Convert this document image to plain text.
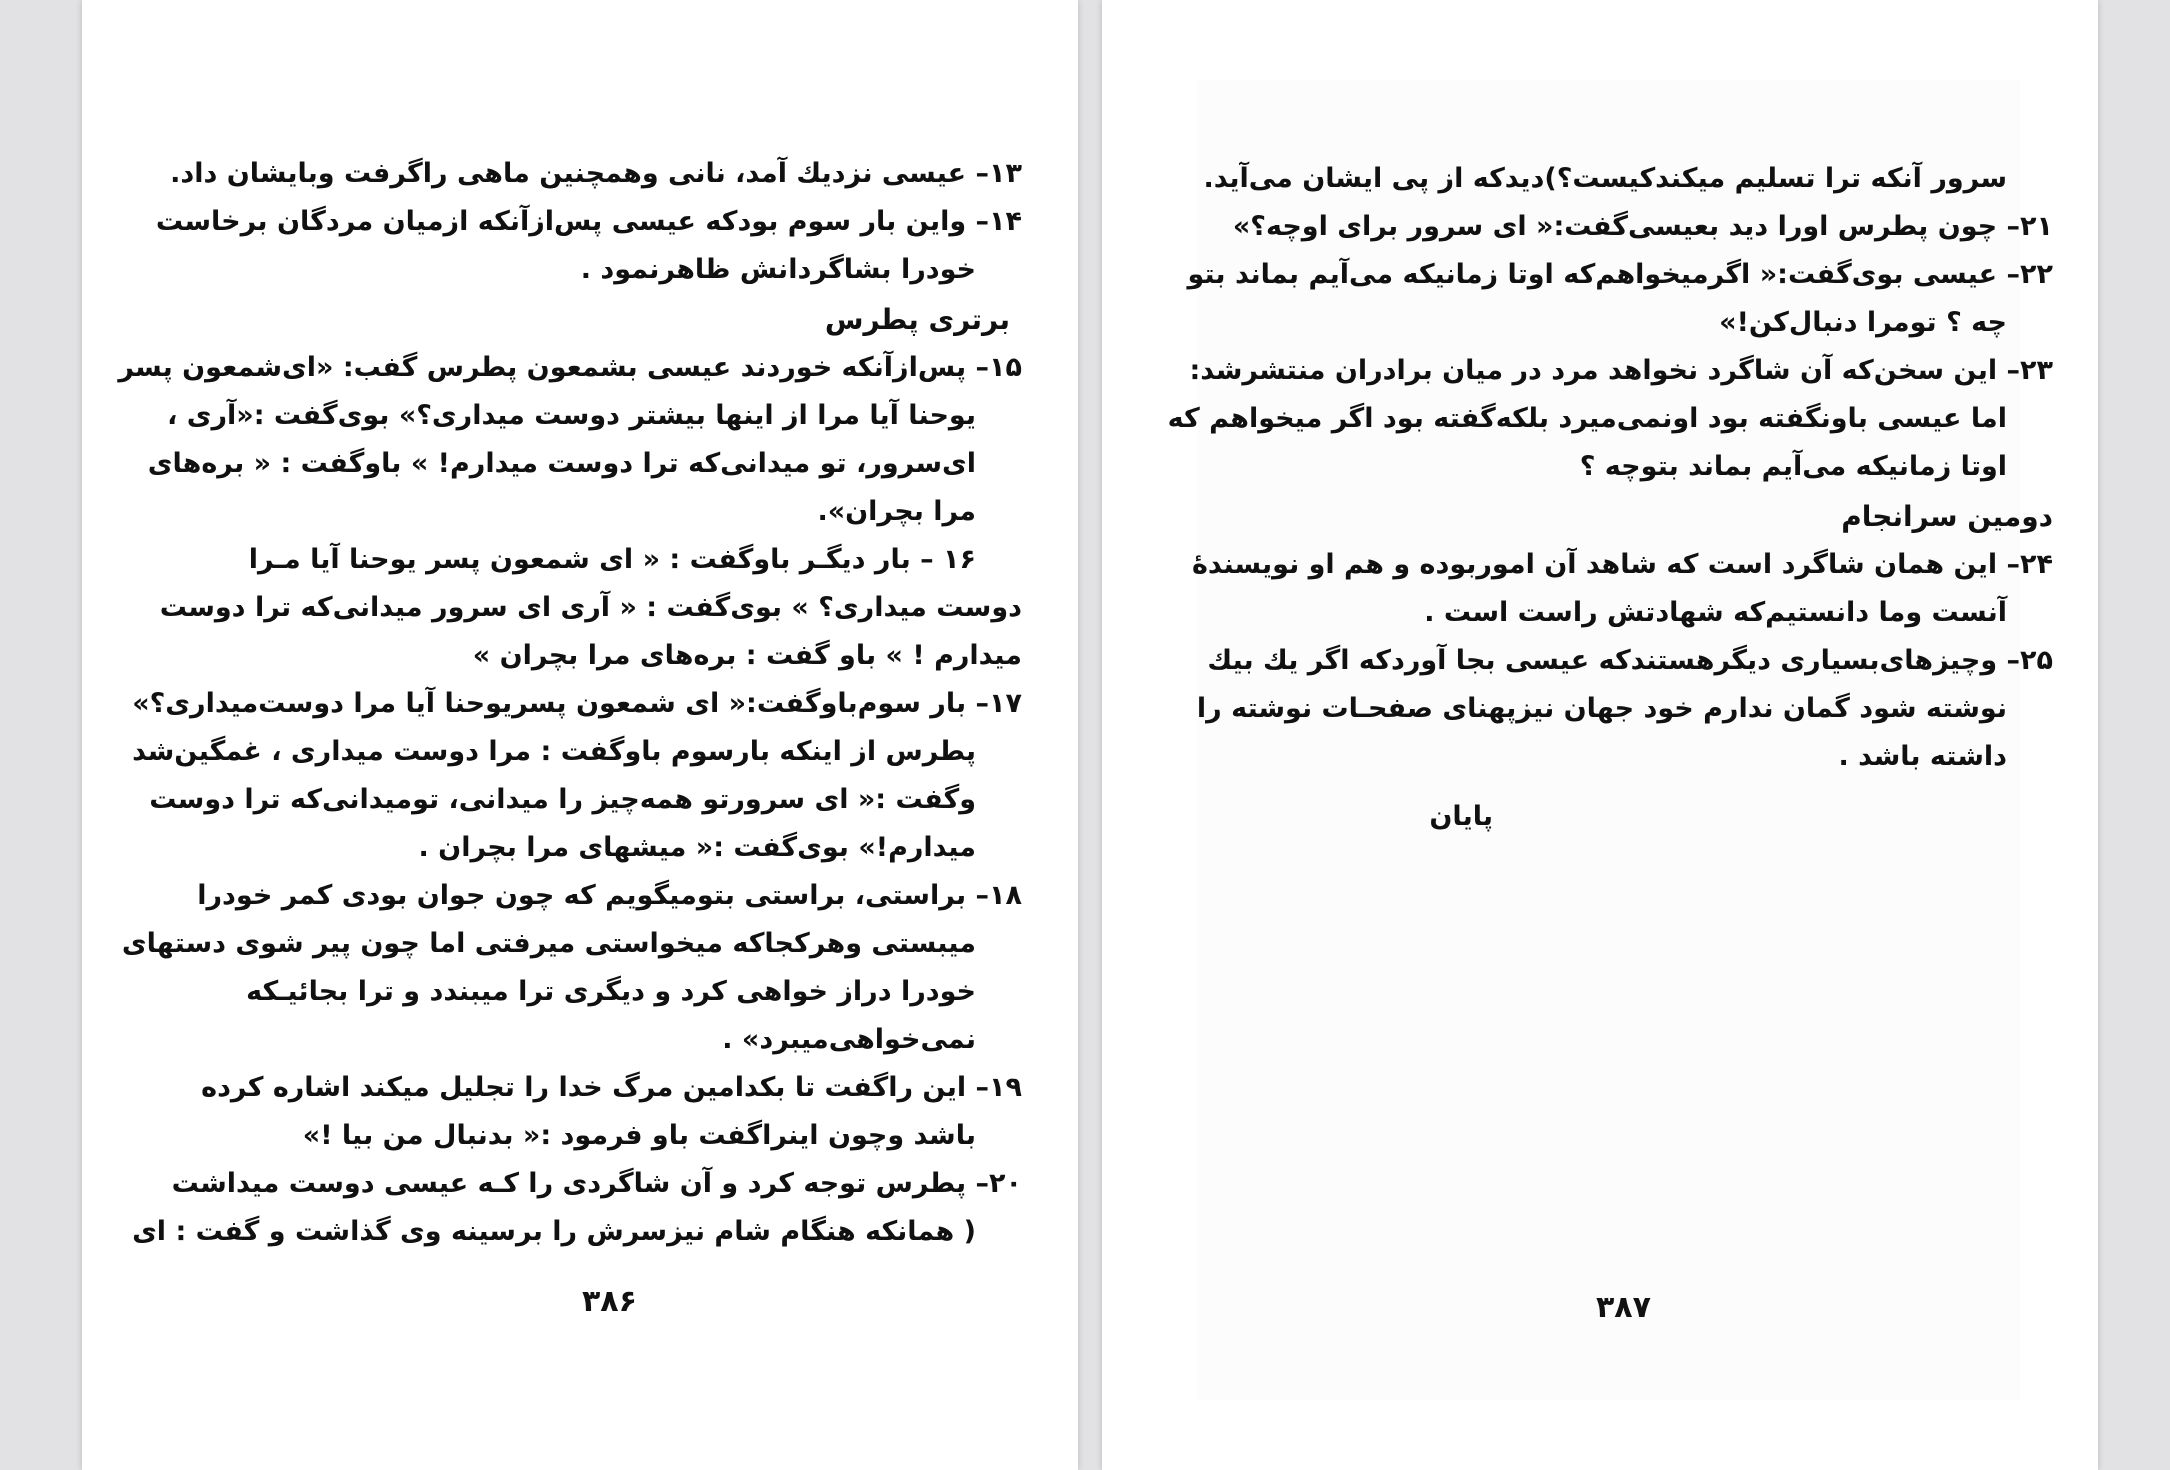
۱۳– عیسی نزدیك آمد، نانی وهمچنین ماهی راگرفت وبایشان داد.
۱۴– واین بار سوم بودکه عیسی پس‌ازآنکه ازمیان مردگان برخاست
خودرا بشاگردانش ظاهرنمود .
برتری پطرس
۱۵– پس‌ازآنکه خوردند عیسی بشمعون پطرس گفب: «ای‌شمعون پسر
یوحنا آیا مرا از اینها بیشتر دوست میداری؟» بوی‌گفت :«آری ،
ای‌سرور، تو میدانی‌که ترا دوست میدارم! » باوگفت : « بره‌های
مرا بچران».
۱۶ – بار دیگـر باوگفت : « ای شمعون پسر یوحنا آیا مـرا
دوست میداری؟ » بوی‌گفت : « آری ای سرور میدانی‌که ترا دوست
میدارم ! » باو گفت : بره‌های مرا بچران »
۱۷– بار سوم‌باوگفت:« ای شمعون پسریوحنا آیا مرا دوست‌میداری؟»
پطرس از اینکه بارسوم باوگفت : مرا دوست میداری ، غمگین‌شد
وگفت :« ای سرورتو همه‌چیز را میدانی، تومیدانی‌که ترا دوست
میدارم!» بوی‌گفت :« میشهای مرا بچران .
۱۸– براستی، براستی بتومیگویم که چون جوان بودی کمر خودرا
میبستی وهرکجاکه میخواستی میرفتی اما چون پیر شوی دستهای
خودرا دراز خواهی کرد و دیگری ترا میبندد و ترا بجائیـکه
نمی‌خواهی‌میبرد» .
۱۹– این راگفت تا بکدامین مرگ خدا را تجلیل میکند اشاره کرده
باشد وچون اینراگفت باو فرمود :« بدنبال من بیا !»
۲۰– پطرس توجه کرد و آن شاگردی را کـه عیسی دوست میداشت
( همانکه هنگام شام نیزسرش را برسینه وی گذاشت و گفت : ای
۳۸۶
سرور آنکه ترا تسلیم میکندکیست؟)دیدکه از پی ایشان می‌آید.
۲۱– چون پطرس اورا دید بعیسی‌گفت:« ای سرور برای اوچه؟»
۲۲– عیسی بوی‌گفت:« اگرمیخواهم‌که اوتا زمانیکه می‌آیم بماند بتو
چه ؟ تومرا دنبال‌کن!»
۲۳– این سخن‌که آن شاگرد نخواهد مرد در میان برادران منتشرشد:
اما عیسی باونگفته بود اونمی‌میرد بلکه‌گفته بود اگر میخواهم که
اوتا زمانیکه می‌آیم بماند بتوچه ؟
دومین سرانجام
۲۴– این همان شاگرد است که شاهد آن اموربوده و هم او نویسندهٔ
آنست وما دانستیم‌که شهادتش راست است .
۲۵– وچیزهای‌بسیاری دیگرهستندکه عیسی بجا آوردکه اگر یك بیك
نوشته شود گمان ندارم خود جهان نیزپهنای صفحـات نوشته را
داشته باشد .
پایان
۳۸۷
